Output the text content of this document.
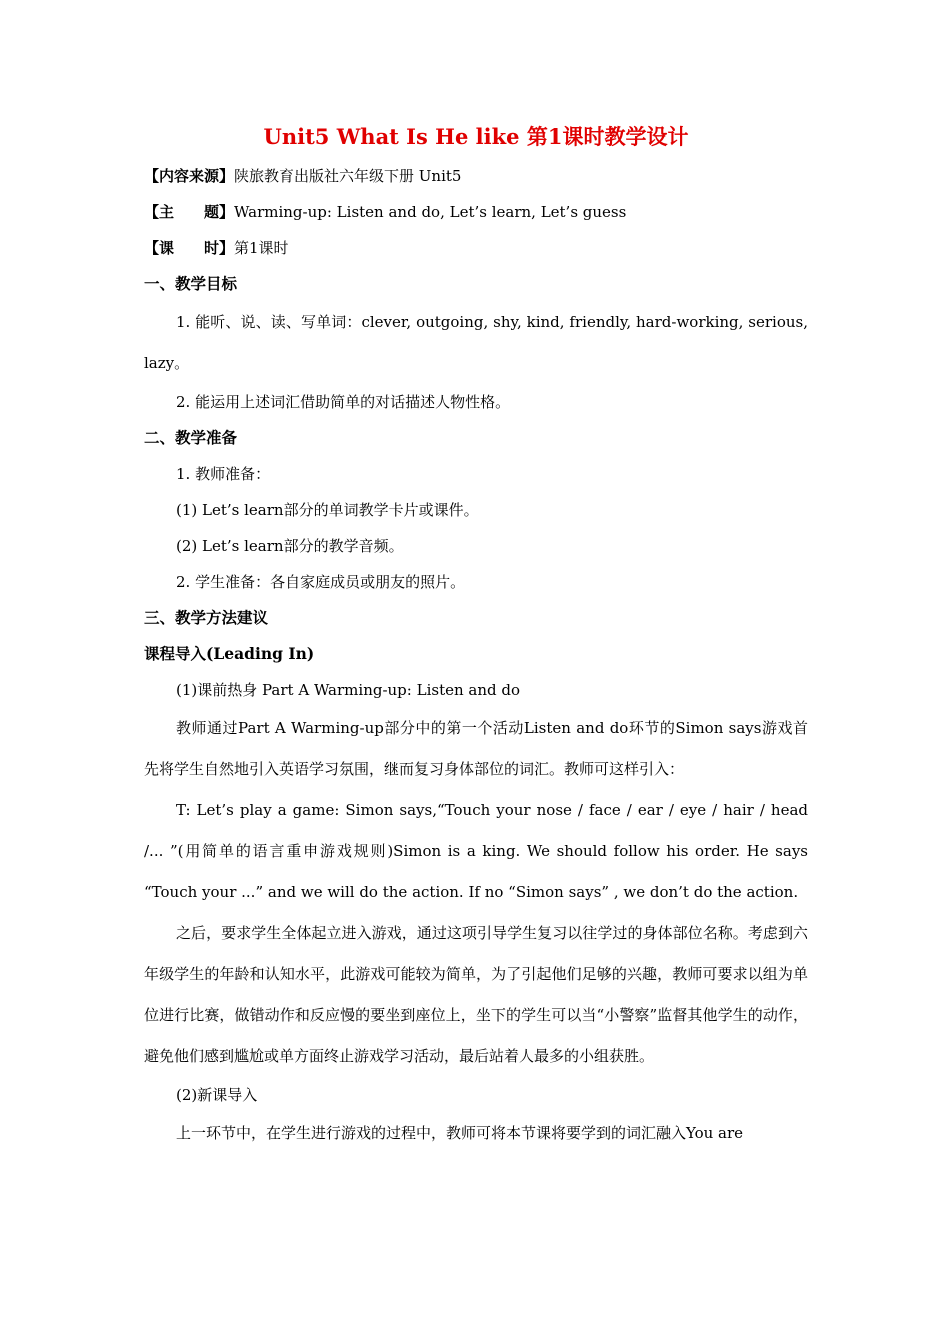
Unit5 What Is He like 第1课时教学设计
【内容来源】陕旅教育出版社六年级下册 Unit5
【主　　题】Warming-up: Listen and do, Let’s learn, Let’s guess
【课　　时】第1课时
一、教学目标

1. 能听、说、读、写单词：clever, outgoing, shy, kind, friendly, hard-working, serious, lazy。

2. 能运用上述词汇借助简单的对话描述人物性格。

二、教学准备
1. 教师准备：
(1) Let’s learn部分的单词教学卡片或课件。
(2) Let’s learn部分的教学音频。
2. 学生准备：各自家庭成员或朋友的照片。
三、教学方法建议
课程导入(Leading In)
(1)课前热身 Part A Warming-up: Listen and do

教师通过Part A Warming-up部分中的第一个活动Listen and do环节的Simon says游戏首先将学生自然地引入英语学习氛围，继而复习身体部位的词汇。教师可这样引入：

T: Let’s play a game: Simon says,“Touch your nose / face / ear / eye / hair / head /... ”(用简单的语言重申游戏规则)Simon is a king. We should follow his order. He says “Touch your ...” and we will do the action. If no “Simon says” , we don’t do the action.

之后，要求学生全体起立进入游戏，通过这项引导学生复习以往学过的身体部位名称。考虑到六年级学生的年龄和认知水平，此游戏可能较为简单，为了引起他们足够的兴趣，教师可要求以组为单位进行比赛，做错动作和反应慢的要坐到座位上，坐下的学生可以当“小警察”监督其他学生的动作，避免他们感到尴尬或单方面终止游戏学习活动，最后站着人最多的小组获胜。

(2)新课导入

上一环节中，在学生进行游戏的过程中，教师可将本节课将要学到的词汇融入You are
